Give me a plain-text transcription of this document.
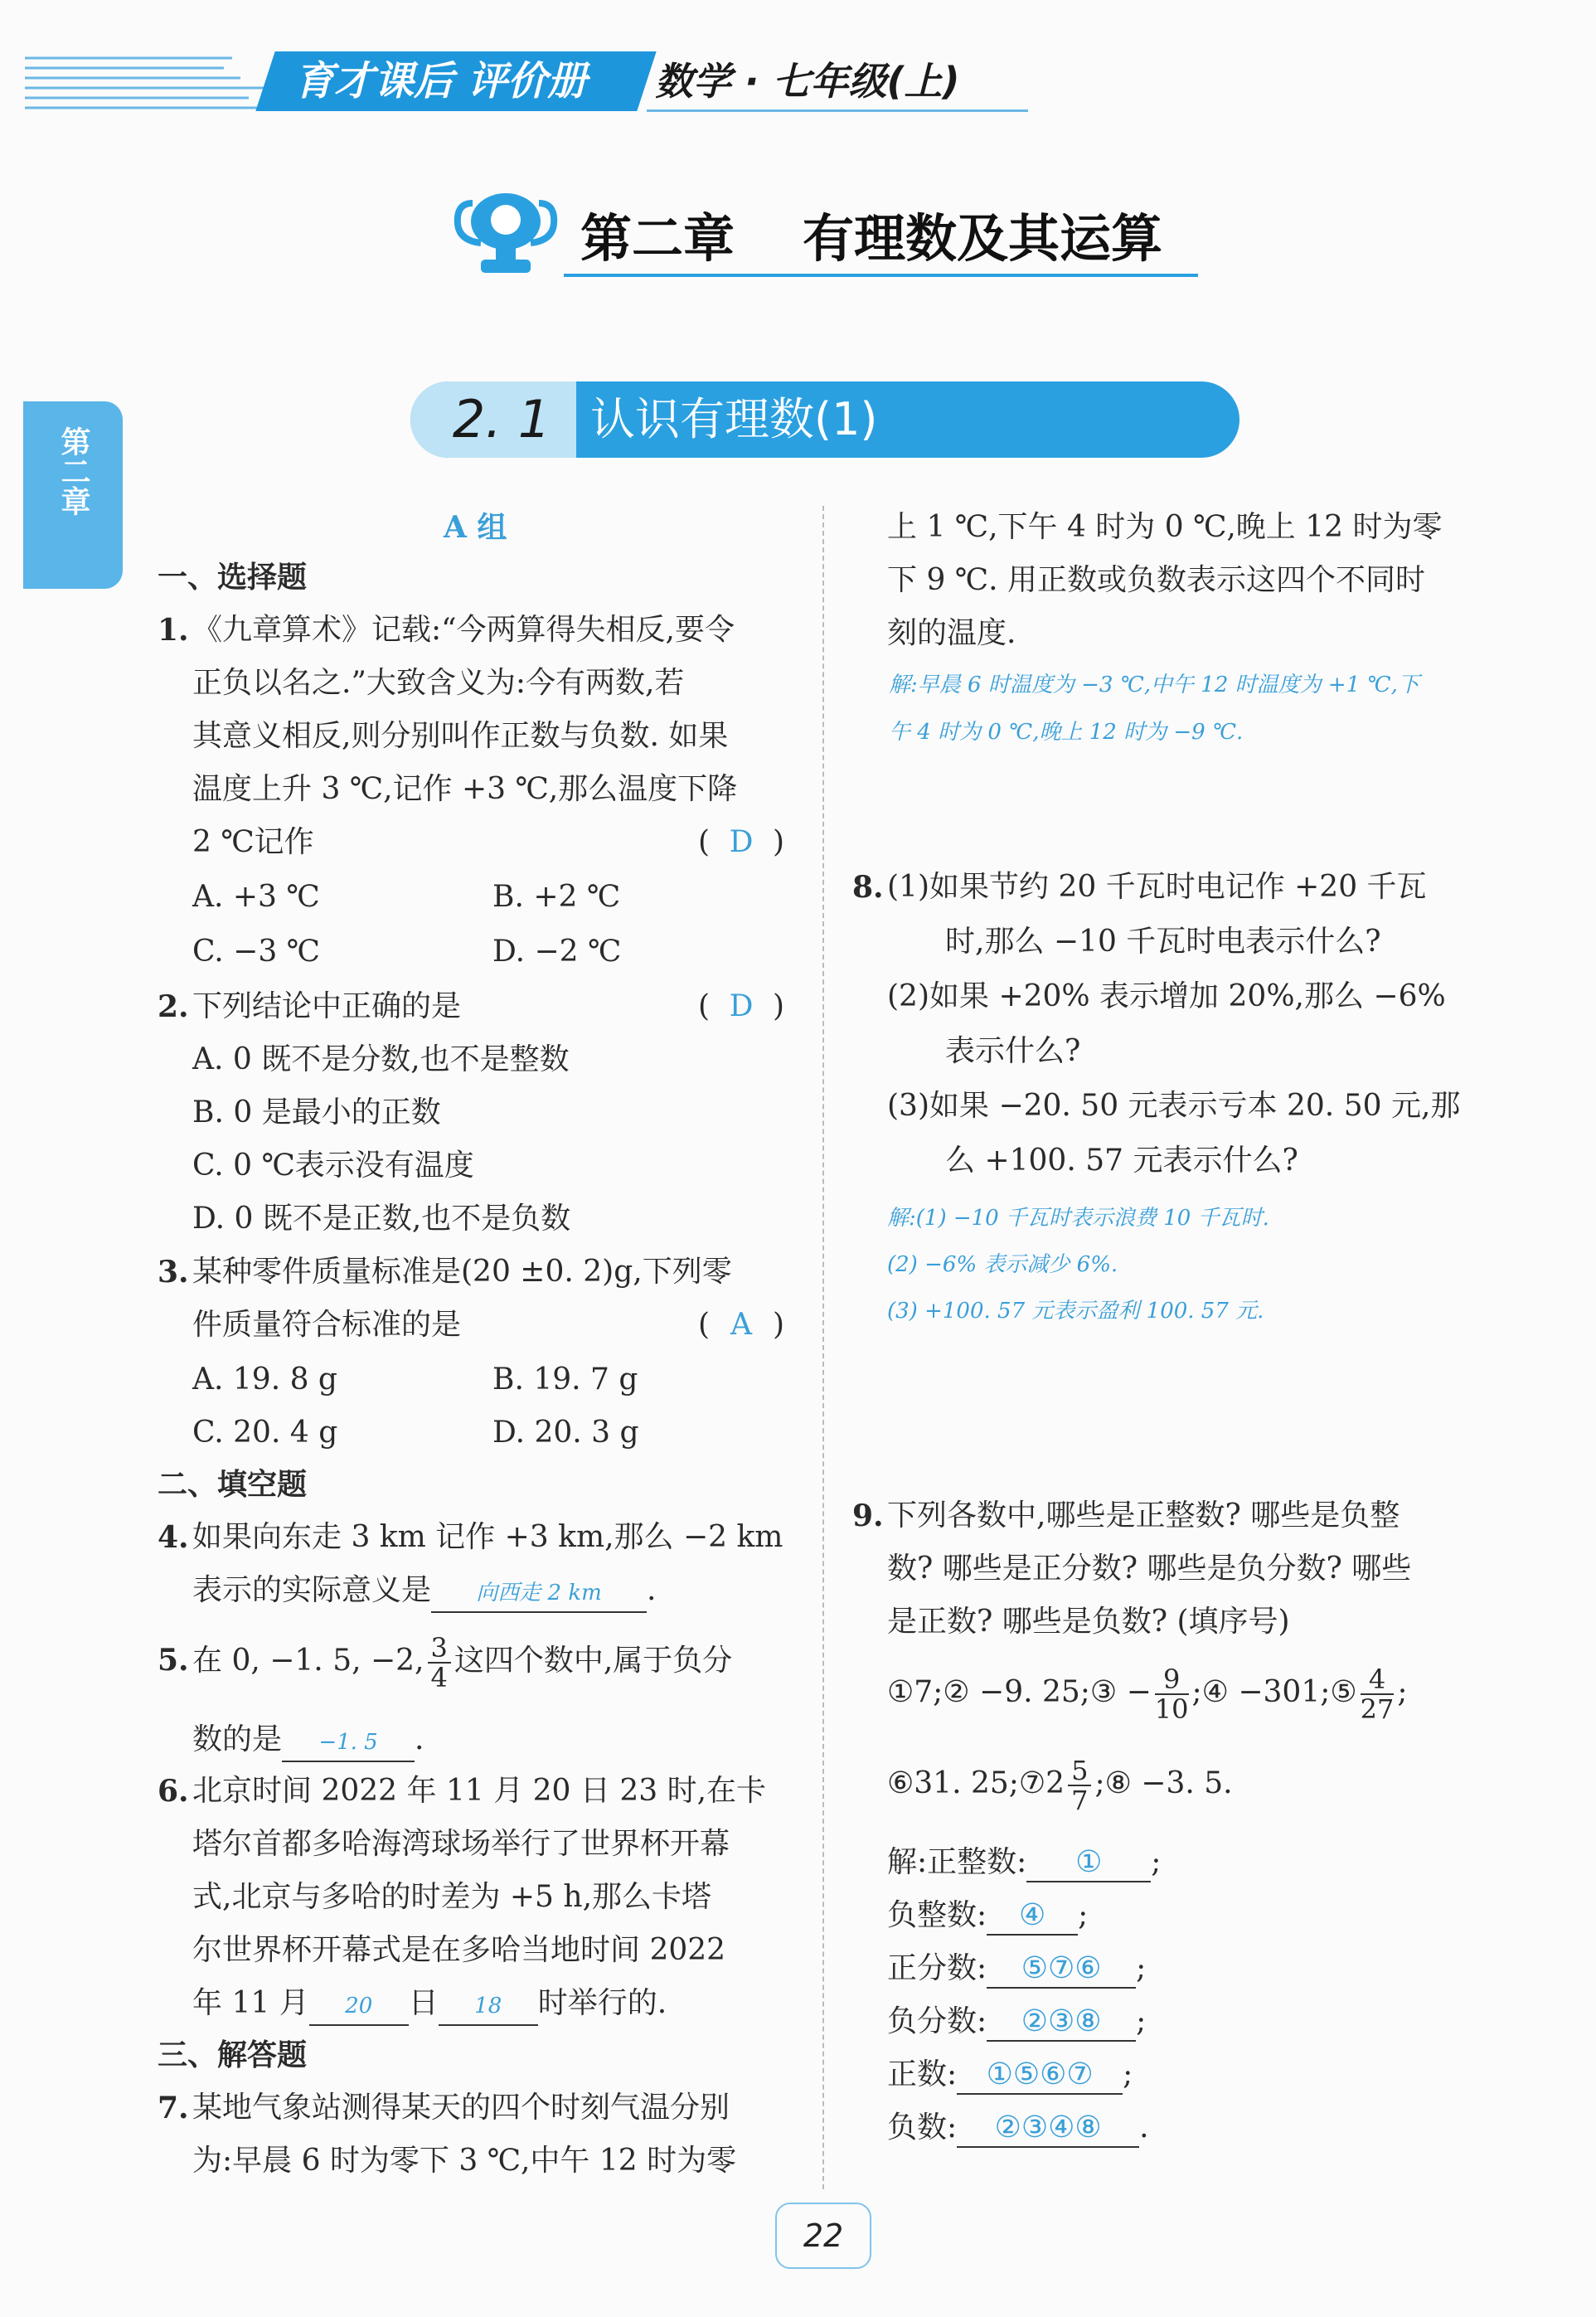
育才课后 评价册	数学 · 七年级(上)
第二章
第二章 有理数及其运算
2. 1 认识有理数(1)
A 组
一、选择题
1. 《九章算术》记载:“今两算得失相反,要令
正负以名之.”大致含义为:今有两数,若
其意义相反,则分别叫作正数与负数. 如果
温度上升 3 ℃,记作 +3 ℃,那么温度下降
2 ℃记作	( D )
A. +3 ℃	B. +2 ℃
C. −3 ℃	D. −2 ℃
2. 下列结论中正确的是	( D )
A. 0 既不是分数,也不是整数
B. 0 是最小的正数
C. 0 ℃表示没有温度
D. 0 既不是正数,也不是负数
3. 某种零件质量标准是(20 ±0. 2)g,下列零
件质量符合标准的是	( A )
A. 19. 8 g	B. 19. 7 g
C. 20. 4 g	D. 20. 3 g
二、填空题
4. 如果向东走 3 km 记作 +3 km,那么 −2 km
表示的实际意义是 向西走 2 km .
5. 在 0, −1. 5, −2, $\frac{3}{4}$ 这四个数中,属于负分
数的是 −1. 5 .
6. 北京时间 2022 年 11 月 20 日 23 时,在卡
塔尔首都多哈海湾球场举行了世界杯开幕
式,北京与多哈的时差为 +5 h,那么卡塔
尔世界杯开幕式是在多哈当地时间 2022
年 11 月 20 日 18 时举行的.
三、解答题
7. 某地气象站测得某天的四个时刻气温分别
为:早晨 6 时为零下 3 ℃,中午 12 时为零
上 1 ℃,下午 4 时为 0 ℃,晚上 12 时为零
下 9 ℃. 用正数或负数表示这四个不同时
刻的温度.
解:早晨 6 时温度为 −3 ℃,中午 12 时温度为 +1 ℃,下
午 4 时为 0 ℃,晚上 12 时为 −9 ℃.
8. (1)如果节约 20 千瓦时电记作 +20 千瓦
时,那么 −10 千瓦时电表示什么?
(2)如果 +20% 表示增加 20%,那么 −6%
表示什么?
(3)如果 −20. 50 元表示亏本 20. 50 元,那
么 +100. 57 元表示什么?
解:(1) −10 千瓦时表示浪费 10 千瓦时.
(2) −6% 表示减少 6%.
(3) +100. 57 元表示盈利 100. 57 元.
9. 下列各数中,哪些是正整数? 哪些是负整
数? 哪些是正分数? 哪些是负分数? 哪些
是正数? 哪些是负数? (填序号)
①7;② −9. 25;③ − $\frac{9}{10}$ ;④ −301;⑤ $\frac{4}{27}$ ;
⑥31. 25;⑦2 $\frac{5}{7}$ ;⑧ −3. 5.
解:正整数: ① ;
负整数: ④ ;
正分数: ⑤⑦⑥ ;
负分数: ②③⑧ ;
正数: ①⑤⑥⑦ ;
负数: ②③④⑧ .
22
